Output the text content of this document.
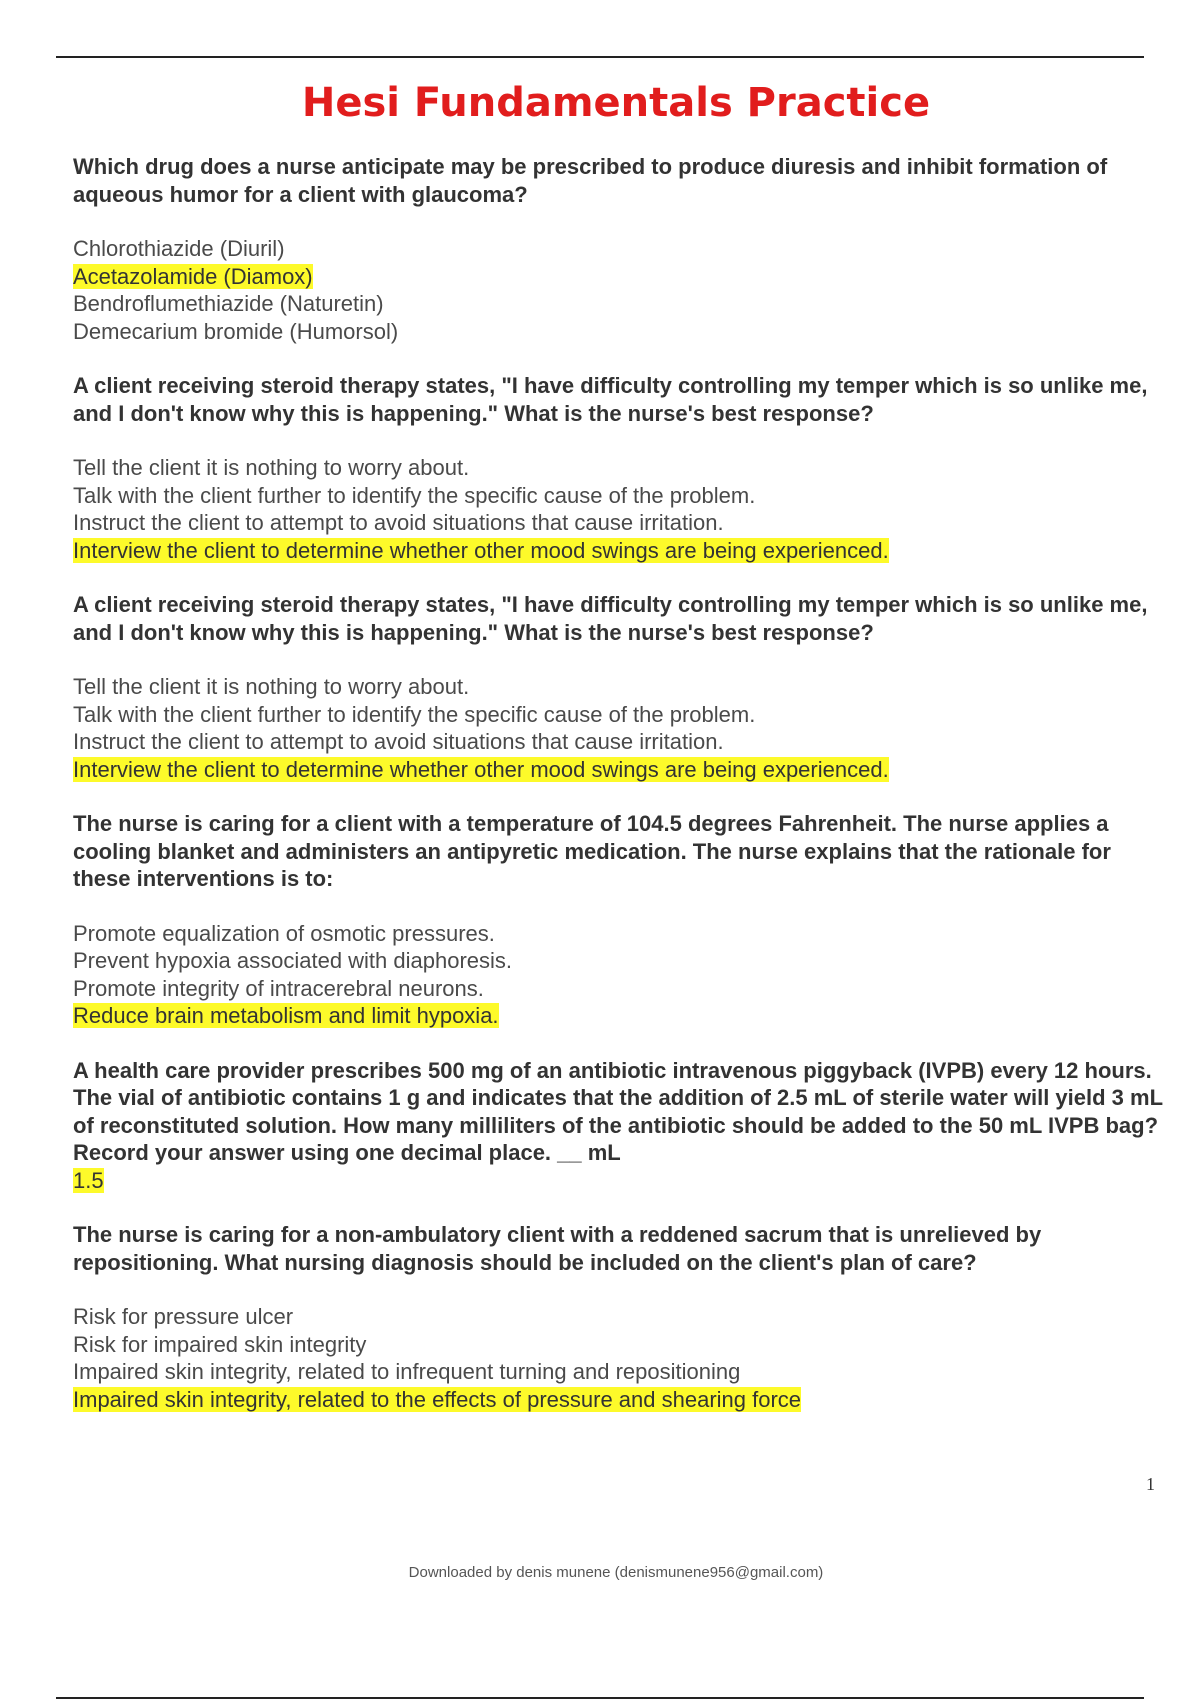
Hesi Fundamentals Practice

Which drug does a nurse anticipate may be prescribed to produce diuresis and inhibit formation of aqueous humor for a client with glaucoma?

Chlorothiazide (Diuril)
Acetazolamide (Diamox)
Bendroflumethiazide (Naturetin)
Demecarium bromide (Humorsol)

A client receiving steroid therapy states, "I have difficulty controlling my temper which is so unlike me, and I don't know why this is happening." What is the nurse's best response?

Tell the client it is nothing to worry about.
Talk with the client further to identify the specific cause of the problem.
Instruct the client to attempt to avoid situations that cause irritation.
Interview the client to determine whether other mood swings are being experienced.

A client receiving steroid therapy states, "I have difficulty controlling my temper which is so unlike me, and I don't know why this is happening." What is the nurse's best response?

Tell the client it is nothing to worry about.
Talk with the client further to identify the specific cause of the problem.
Instruct the client to attempt to avoid situations that cause irritation.
Interview the client to determine whether other mood swings are being experienced.

The nurse is caring for a client with a temperature of 104.5 degrees Fahrenheit. The nurse applies a cooling blanket and administers an antipyretic medication. The nurse explains that the rationale for these interventions is to:

Promote equalization of osmotic pressures.
Prevent hypoxia associated with diaphoresis.
Promote integrity of intracerebral neurons.
Reduce brain metabolism and limit hypoxia.

A health care provider prescribes 500 mg of an antibiotic intravenous piggyback (IVPB) every 12 hours. The vial of antibiotic contains 1 g and indicates that the addition of 2.5 mL of sterile water will yield 3 mL of reconstituted solution. How many milliliters of the antibiotic should be added to the 50 mL IVPB bag? Record your answer using one decimal place. __ mL

1.5

The nurse is caring for a non-ambulatory client with a reddened sacrum that is unrelieved by repositioning. What nursing diagnosis should be included on the client's plan of care?

Risk for pressure ulcer
Risk for impaired skin integrity
Impaired skin integrity, related to infrequent turning and repositioning
Impaired skin integrity, related to the effects of pressure and shearing force
1
Downloaded by denis munene (denismunene956@gmail.com)
